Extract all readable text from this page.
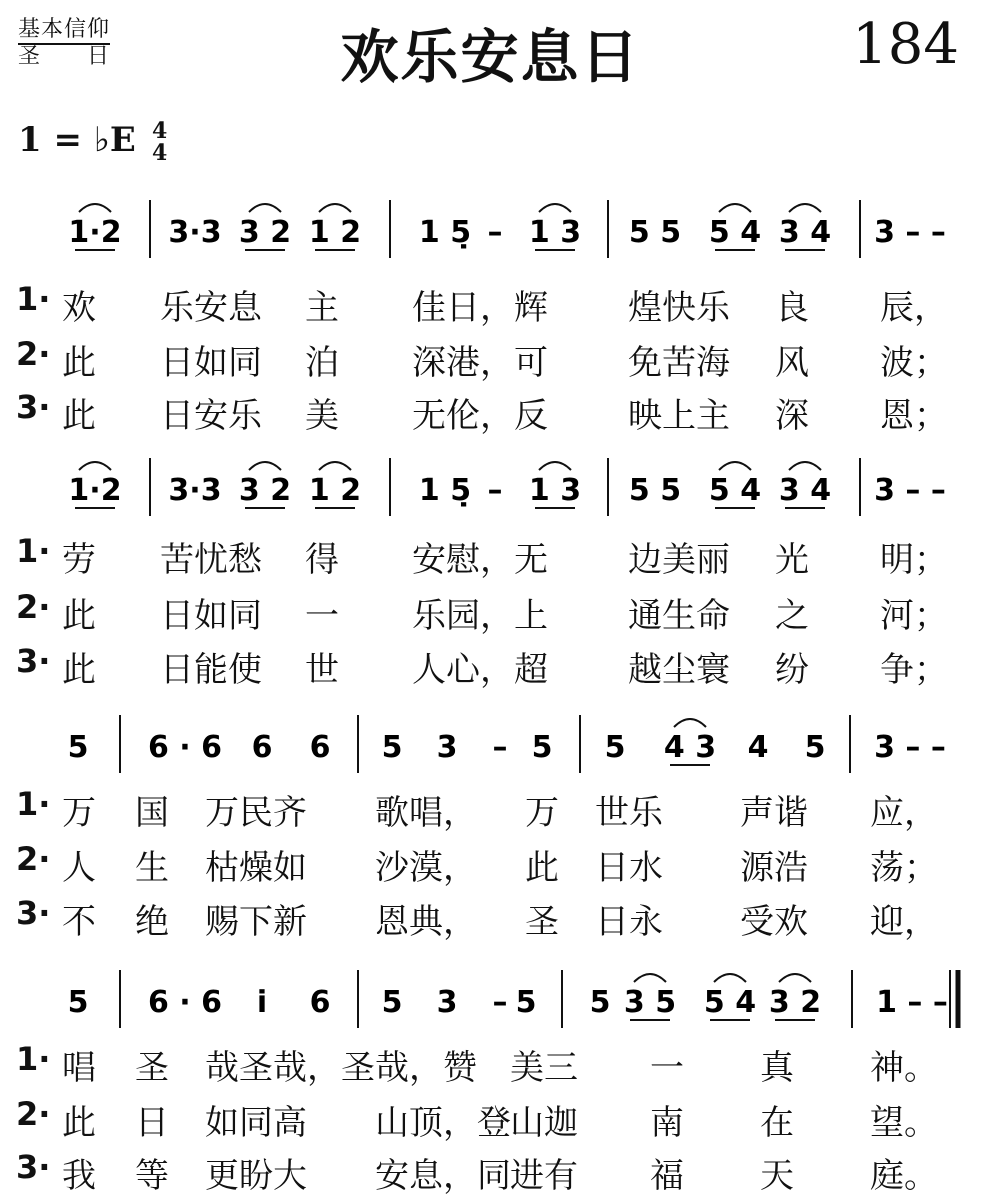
基本信仰
圣　　日	欢乐安息日	184
1 = ♭E 4
4
1·2 3·3 3 2 1 2 1 5̣ – 1 3 5 5 5 4 3 4 3 – –
1· 欢 乐安息 主 佳日，辉 煌快乐 良 辰，
2· 此 日如同 泊 深港，可 免苦海 风 波；
3· 此 日安乐 美 无伦，反 映上主 深 恩；
1·2 3·3 3 2 1 2 1 5̣ – 1 3 5 5 5 4 3 4 3 – –
1· 劳 苦忧愁 得 安慰，无 边美丽 光 明；
2· 此 日如同 一 乐园，上 通生命 之 河；
3· 此 日能使 世 人心，超 越尘寰 纷 争；
5 6 · 6 6 6 5 3 – 5 5 4 3 4 5 3 – –
1· 万 国 万民齐 歌唱， 万 世乐 声谐 应，
2· 人 生 枯燥如 沙漠， 此 日水 源浩 荡；
3· 不 绝 赐下新 恩典， 圣 日永 受欢 迎，
5 6 · 6 i̇ 6 5 3 – 5 5 3 5 5 4 3 2 1 – –
1· 唱 圣 哉圣哉，圣 哉，赞 美三 一 真 神。
2· 此 日 如同高 山顶，登 山迦 南 在 望。
3· 我 等 更盼大 安息，同 进有 福 天 庭。
